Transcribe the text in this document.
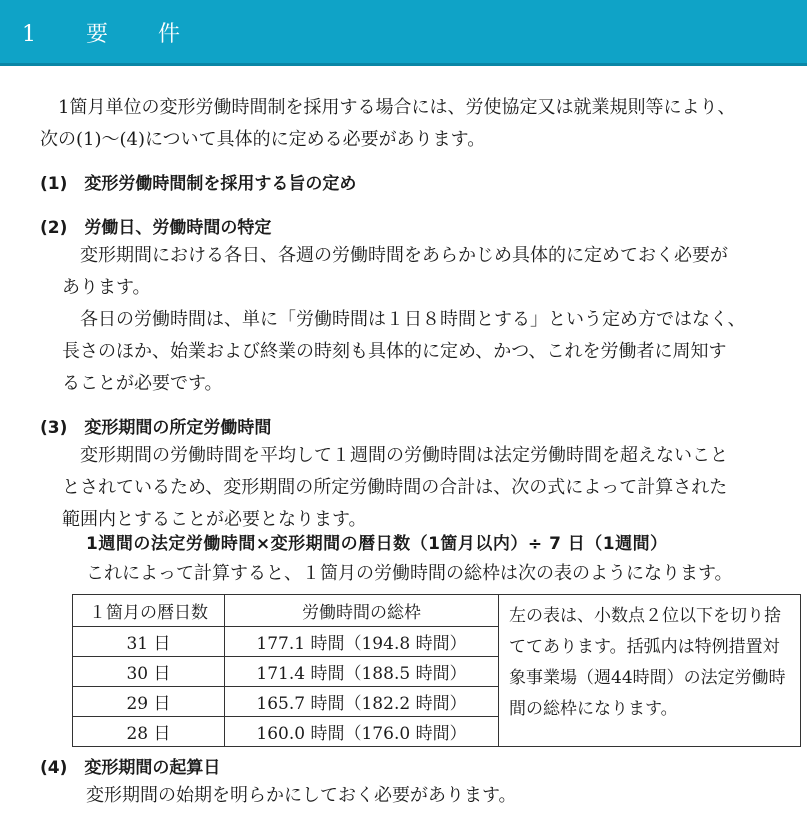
1　要　件
　1箇月単位の変形労働時間制を採用する場合には、労使協定又は就業規則等により、
次の(1)〜(4)について具体的に定める必要があります。
(1)　変形労働時間制を採用する旨の定め
(2)　労働日、労働時間の特定
　変形期間における各日、各週の労働時間をあらかじめ具体的に定めておく必要が
あります。
　各日の労働時間は、単に「労働時間は１日８時間とする」という定め方ではなく、
長さのほか、始業および終業の時刻も具体的に定め、かつ、これを労働者に周知す
ることが必要です。
(3)　変形期間の所定労働時間
　変形期間の労働時間を平均して１週間の労働時間は法定労働時間を超えないこと
とされているため、変形期間の所定労働時間の合計は、次の式によって計算された
範囲内とすることが必要となります。
1週間の法定労働時間×変形期間の暦日数（1箇月以内）÷ 7 日（1週間）
これによって計算すると、１箇月の労働時間の総枠は次の表のようになります。
１箇月の暦日数	労働時間の総枠	左の表は、小数点２位以下を切り捨ててあります。括弧内は特例措置対象事業場（週44時間）の法定労働時間の総枠になります。
31 日	177.1 時間（194.8 時間）	
30 日	171.4 時間（188.5 時間）	
29 日	165.7 時間（182.2 時間）	
28 日	160.0 時間（176.0 時間）	
(4)　変形期間の起算日
変形期間の始期を明らかにしておく必要があります。
